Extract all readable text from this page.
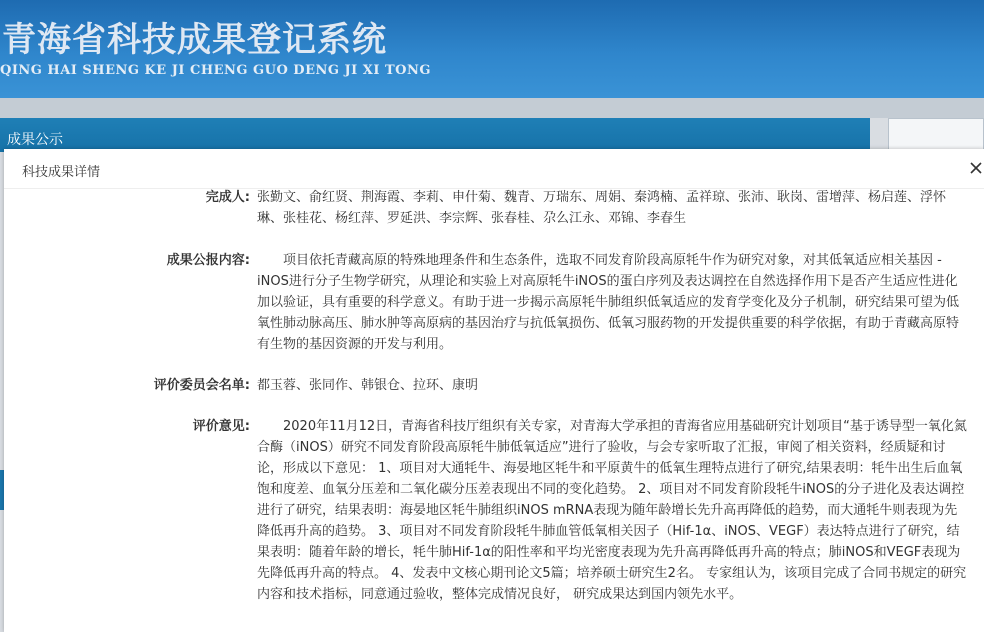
青海省科技成果登记系统
QING HAI SHENG KE JI CHENG GUO DENG JI XI TONG
成果公示
科技成果详情
完成人: 张勤文、俞红贤、荆海霞、李莉、申什菊、魏青、万瑞东、周娟、秦鸿楠、孟祥琼、张沛、耿岗、雷增萍、杨启莲、浮怀琳、张桂花、杨红萍、罗延洪、李宗辉、张春桂、尕么江永、邓锦、李春生
成果公报内容:	项目依托青藏高原的特殊地理条件和生态条件，选取不同发育阶段高原牦牛作为研究对象，对其低氧适应相关基因 - iNOS进行分子生物学研究，从理论和实验上对高原牦牛iNOS的蛋白序列及表达调控在自然选择作用下是否产生适应性进化加以验证，具有重要的科学意义。有助于进一步揭示高原牦牛肺组织低氧适应的发育学变化及分子机制，研究结果可望为低氧性肺动脉高压、肺水肿等高原病的基因治疗与抗低氧损伤、低氧习服药物的开发提供重要的科学依据，有助于青藏高原特有生物的基因资源的开发与利用。
评价委员会名单: 都玉蓉、张同作、韩银仓、拉环、康明
评价意见:	2020年11月12日，青海省科技厅组织有关专家，对青海大学承担的青海省应用基础研究计划项目“基于诱导型一氧化氮合酶（iNOS）研究不同发育阶段高原牦牛肺低氧适应”进行了验收，与会专家听取了汇报，审阅了相关资料，经质疑和讨论，形成以下意见： 1、项目对大通牦牛、海晏地区牦牛和平原黄牛的低氧生理特点进行了研究,结果表明：牦牛出生后血氧饱和度差、血氧分压差和二氧化碳分压差表现出不同的变化趋势。 2、项目对不同发育阶段牦牛iNOS的分子进化及表达调控进行了研究，结果表明：海晏地区牦牛肺组织iNOS mRNA表现为随年龄增长先升高再降低的趋势，而大通牦牛则表现为先降低再升高的趋势。 3、项目对不同发育阶段牦牛肺血管低氧相关因子（Hif-1α、iNOS、VEGF）表达特点进行了研究，结果表明：随着年龄的增长，牦牛肺Hif-1α的阳性率和平均光密度表现为先升高再降低再升高的特点；肺iNOS和VEGF表现为先降低再升高的特点。 4、发表中文核心期刊论文5篇；培养硕士研究生2名。 专家组认为，该项目完成了合同书规定的研究内容和技术指标，同意通过验收，整体完成情况良好， 研究成果达到国内领先水平。
